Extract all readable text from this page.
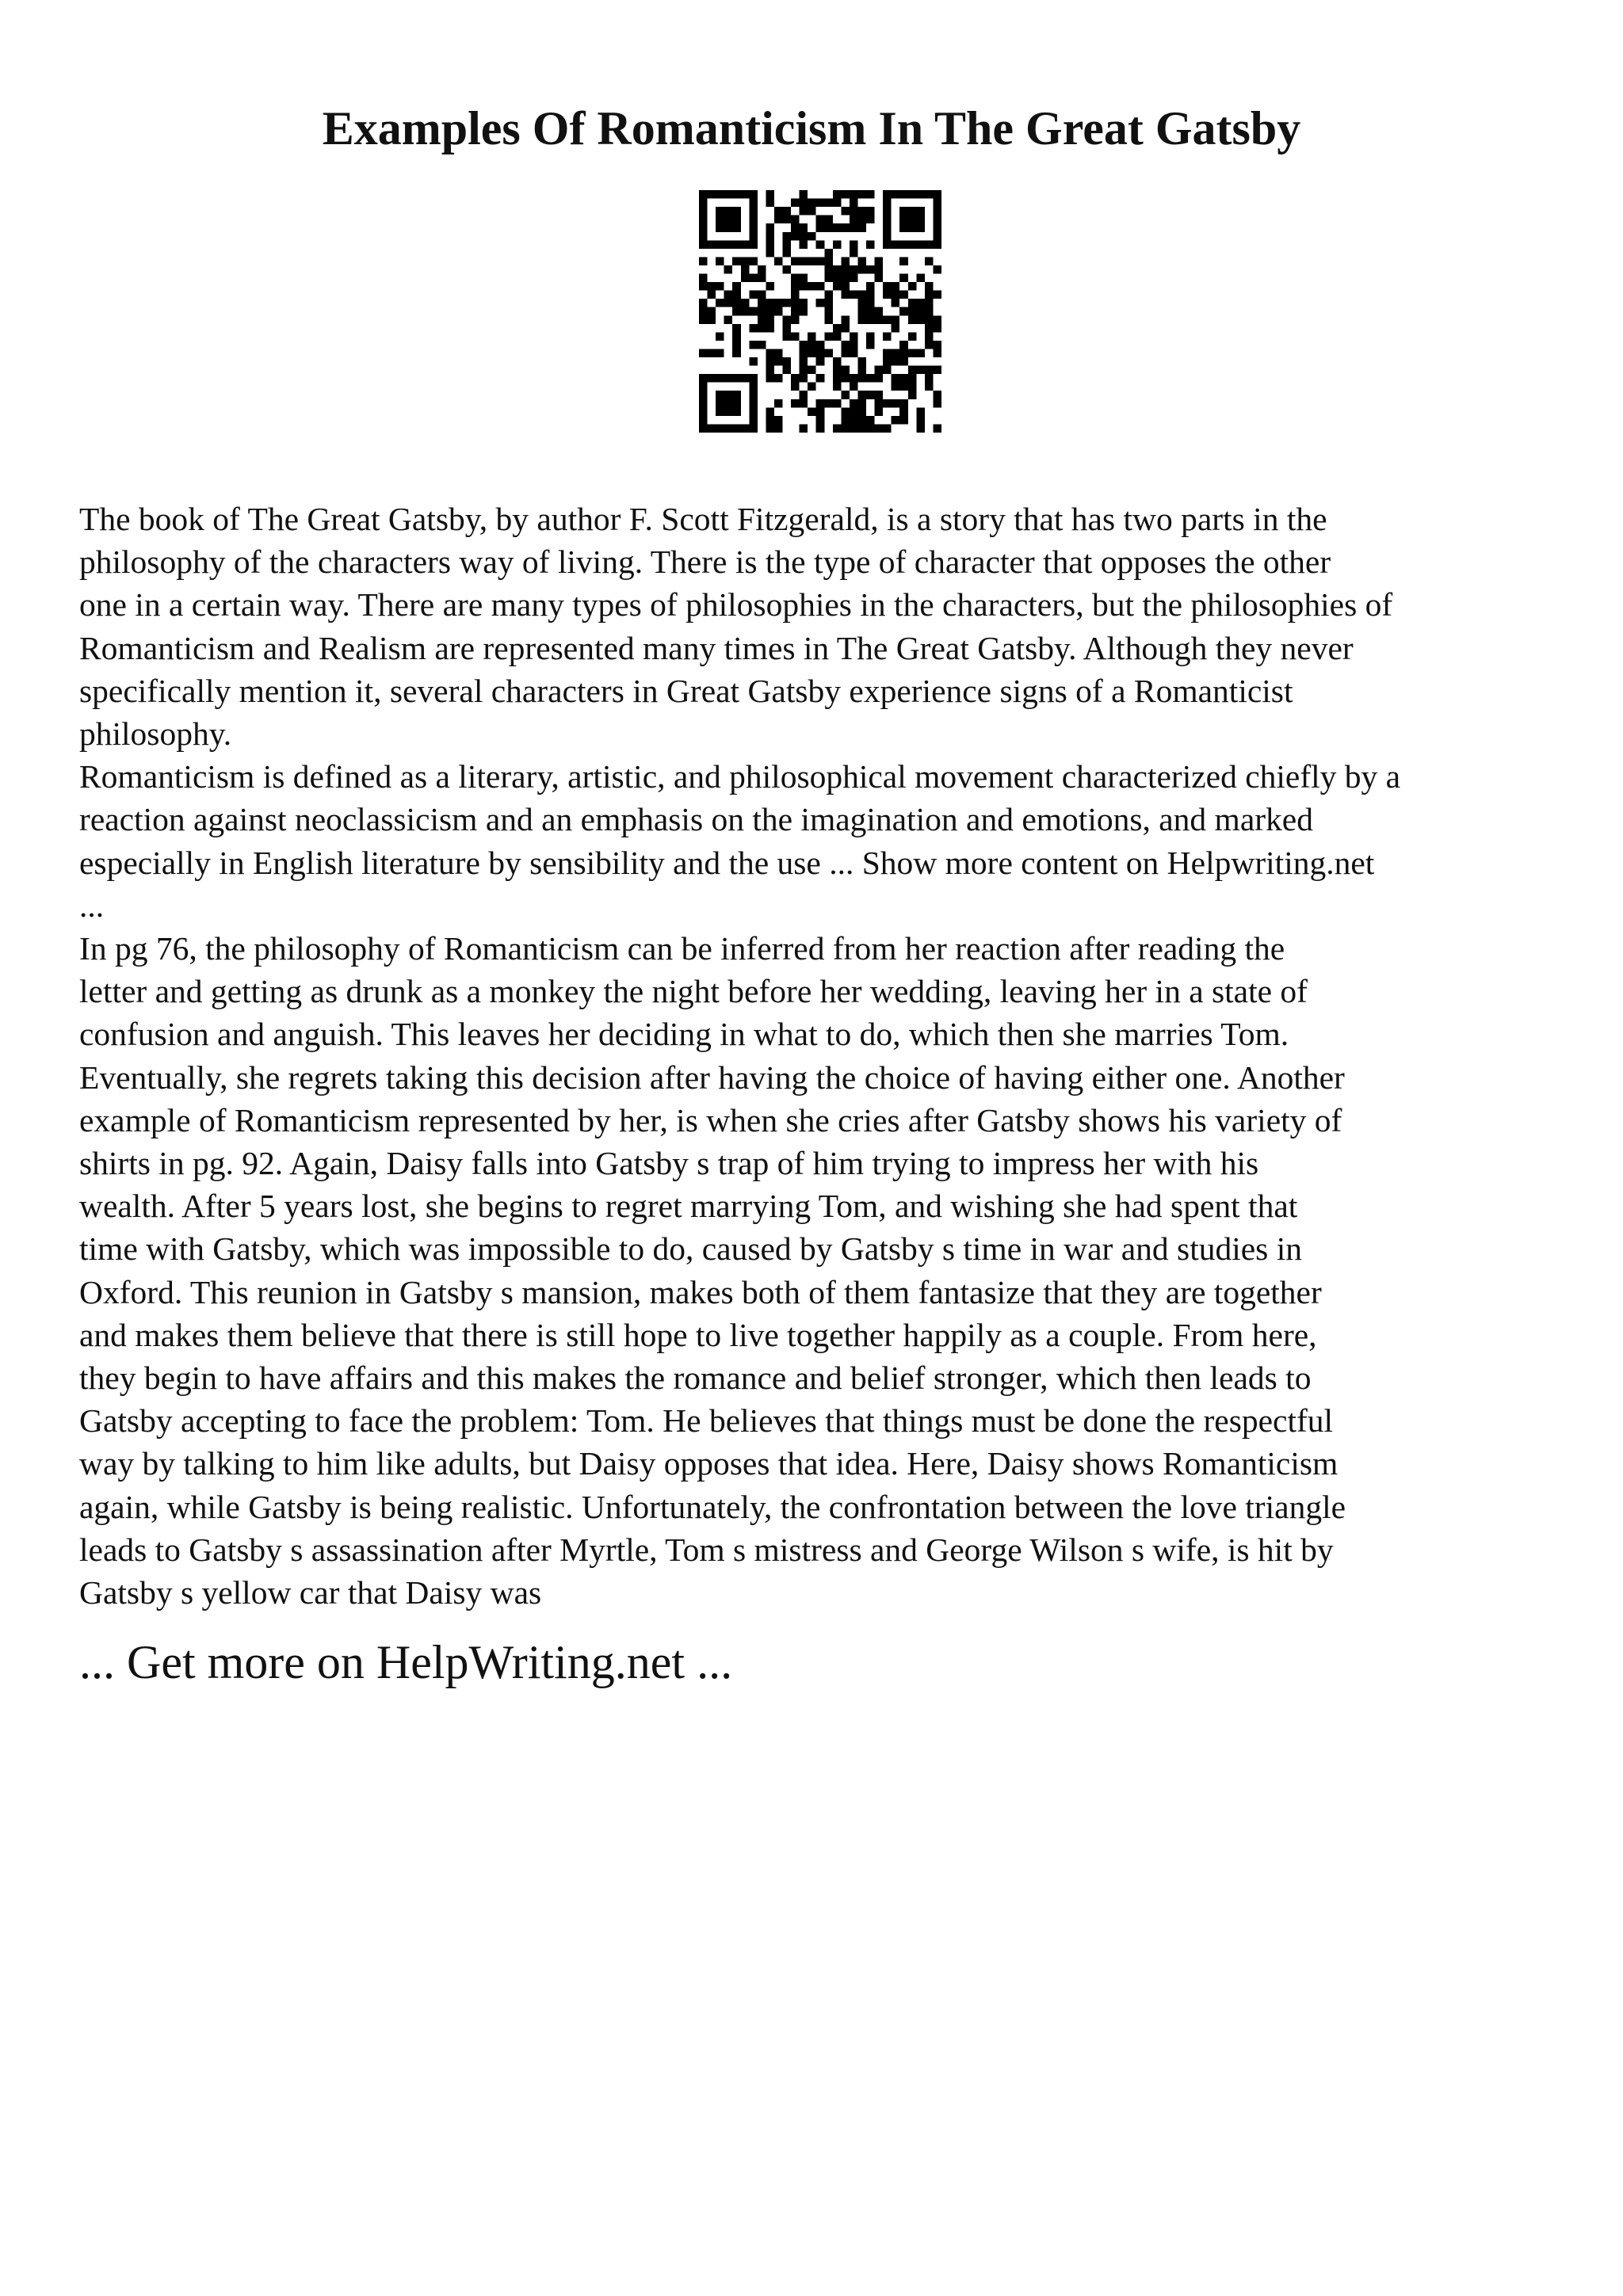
Examples Of Romanticism In The Great Gatsby

The book of The Great Gatsby, by author F. Scott Fitzgerald, is a story that has two parts in the
philosophy of the characters way of living. There is the type of character that opposes the other
one in a certain way. There are many types of philosophies in the characters, but the philosophies of
Romanticism and Realism are represented many times in The Great Gatsby. Although they never
specifically mention it, several characters in Great Gatsby experience signs of a Romanticist
philosophy.

Romanticism is defined as a literary, artistic, and philosophical movement characterized chiefly by a
reaction against neoclassicism and an emphasis on the imagination and emotions, and marked
especially in English literature by sensibility and the use ... Show more content on Helpwriting.net
...

In pg 76, the philosophy of Romanticism can be inferred from her reaction after reading the
letter and getting as drunk as a monkey the night before her wedding, leaving her in a state of
confusion and anguish. This leaves her deciding in what to do, which then she marries Tom.
Eventually, she regrets taking this decision after having the choice of having either one. Another
example of Romanticism represented by her, is when she cries after Gatsby shows his variety of
shirts in pg. 92. Again, Daisy falls into Gatsby s trap of him trying to impress her with his
wealth. After 5 years lost, she begins to regret marrying Tom, and wishing she had spent that
time with Gatsby, which was impossible to do, caused by Gatsby s time in war and studies in
Oxford. This reunion in Gatsby s mansion, makes both of them fantasize that they are together
and makes them believe that there is still hope to live together happily as a couple. From here,
they begin to have affairs and this makes the romance and belief stronger, which then leads to
Gatsby accepting to face the problem: Tom. He believes that things must be done the respectful
way by talking to him like adults, but Daisy opposes that idea. Here, Daisy shows Romanticism
again, while Gatsby is being realistic. Unfortunately, the confrontation between the love triangle
leads to Gatsby s assassination after Myrtle, Tom s mistress and George Wilson s wife, is hit by
Gatsby s yellow car that Daisy was

... Get more on HelpWriting.net ...
